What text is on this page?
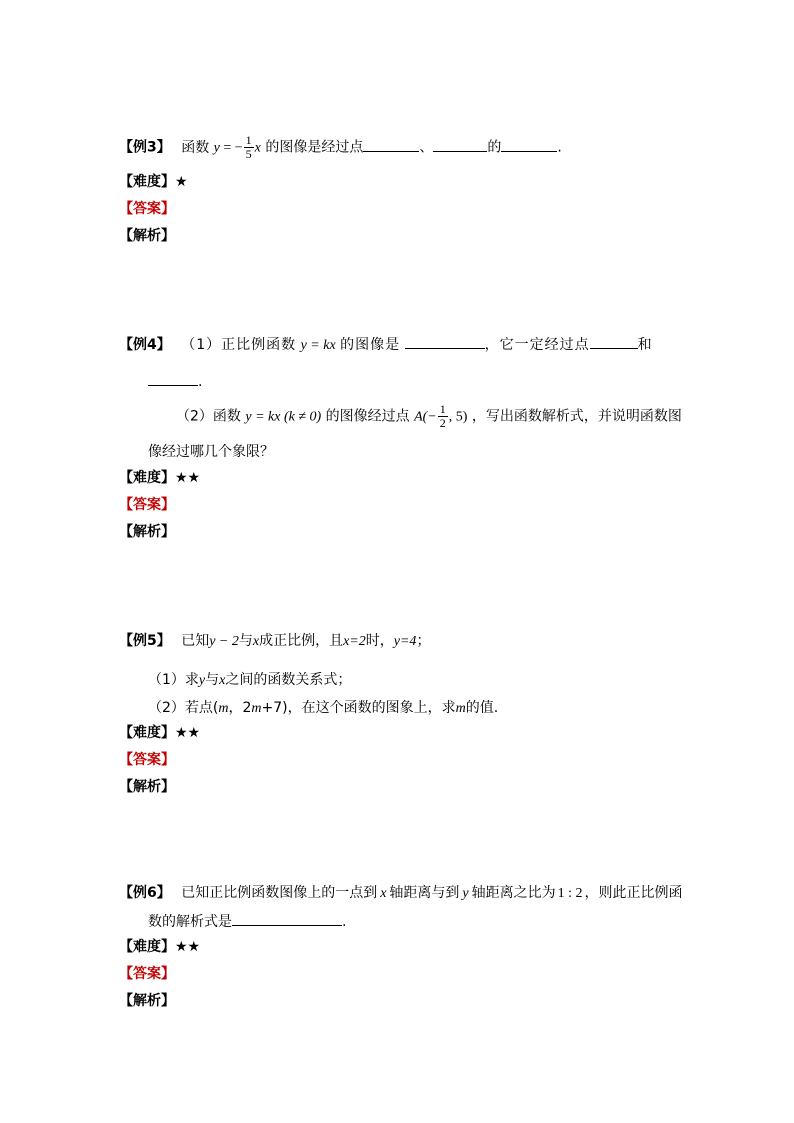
【例3】 函数 y = − $\frac{1}{5}$ x 的图像是经过点	、	的	.
【难度】★
【答案】
【解析】
【例4】 （1）正比例函数 y = kx 的图像是	，它一定经过点	和
.
（2）函数 y = kx (k ≠ 0) 的图像经过点 $A(- \frac{1}{2}$ , 5) ，写出函数解析式，并说明函数图
像经过哪几个象限？
【难度】★★
【答案】
【解析】
【例5】 已知y − 2与x成正比例，且x=2时，y=4；
（1）求y与x之间的函数关系式；
（2）若点(m，2m+7)，在这个函数的图象上，求m的值.
【难度】★★
【答案】
【解析】
【例6】 已知正比例函数图像上的一点到 x 轴距离与到 y 轴距离之比为 1 : 2 ，则此正比例函
数的解析式是	.
【难度】★★
【答案】
【解析】
